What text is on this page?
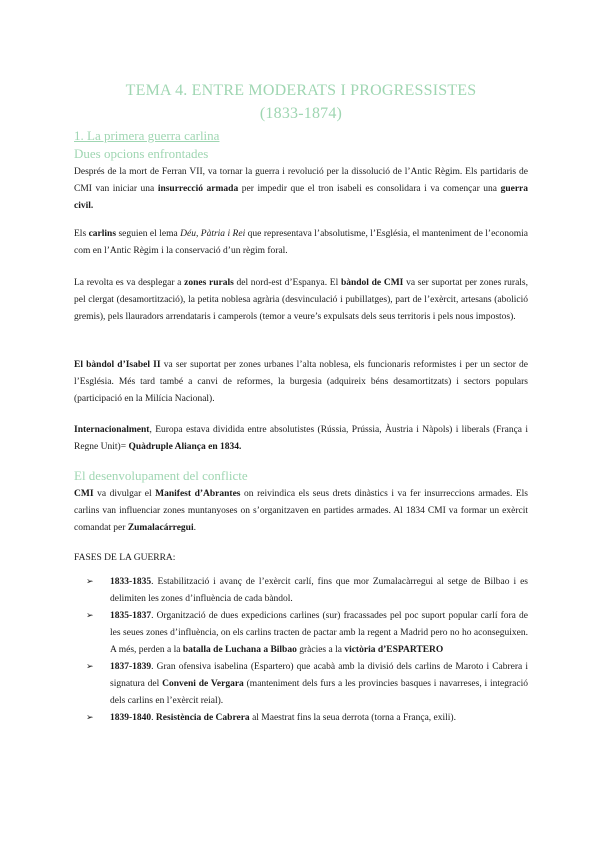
TEMA 4. ENTRE MODERATS I PROGRESSISTES
(1833-1874)
1. La primera guerra carlina
Dues opcions enfrontades
Després de la mort de Ferran VII, va tornar la guerra i revolució per la dissolució de l’Antic Règim. Els partidaris de CMI van iniciar una insurrecció armada per impedir que el tron isabeli es consolidara i va començar una guerra civil.
Els carlins seguien el lema Déu, Pàtria i Rei que representava l’absolutisme, l’Església, el manteniment de l’economia com en l’Antic Règim i la conservació d’un règim foral.
La revolta es va desplegar a zones rurals del nord-est d’Espanya. El bàndol de CMI va ser suportat per zones rurals, pel clergat (desamortització), la petita noblesa agrària (desvinculació i pubillatges), part de l’exèrcit, artesans (abolició gremis), pels llauradors arrendataris i camperols (temor a veure’s expulsats dels seus territoris i pels nous impostos).
El bàndol d’Isabel II va ser suportat per zones urbanes l’alta noblesa, els funcionaris reformistes i per un sector de l’Església. Més tard també a canvi de reformes, la burgesia (adquireix béns desamortitzats) i sectors populars (participació en la Milícia Nacional).
Internacionalment, Europa estava dividida entre absolutistes (Rússia, Prússia, Àustria i Nàpols) i liberals (França i Regne Unit)= Quàdruple Aliança en 1834.
El desenvolupament del conflicte
CMI va divulgar el Manifest d’Abrantes on reivindica els seus drets dinàstics i va fer insurreccions armades. Els carlins van influenciar zones muntanyoses on s’organitzaven en partides armades. Al 1834 CMI va formar un exèrcit comandat per Zumalacárregui.
FASES DE LA GUERRA:
➢ 1833-1835. Estabilització i avanç de l’exèrcit carlí, fins que mor Zumalacàrregui al setge de Bilbao i es delimiten les zones d’influència de cada bàndol.
➢ 1835-1837. Organització de dues expedicions carlines (sur) fracassades pel poc suport popular carlí fora de les seues zones d’influència, on els carlins tracten de pactar amb la regent a Madrid pero no ho aconseguixen. A més, perden a la batalla de Luchana a Bilbao gràcies a la victòria d’ESPARTERO
➢ 1837-1839. Gran ofensiva isabelina (Espartero) que acabà amb la divisió dels carlins de Maroto i Cabrera i signatura del Conveni de Vergara (manteniment dels furs a les provincies basques i navarreses, i integració dels carlins en l’exèrcit reial).
➢ 1839-1840. Resistència de Cabrera al Maestrat fins la seua derrota (torna a França, exili).
